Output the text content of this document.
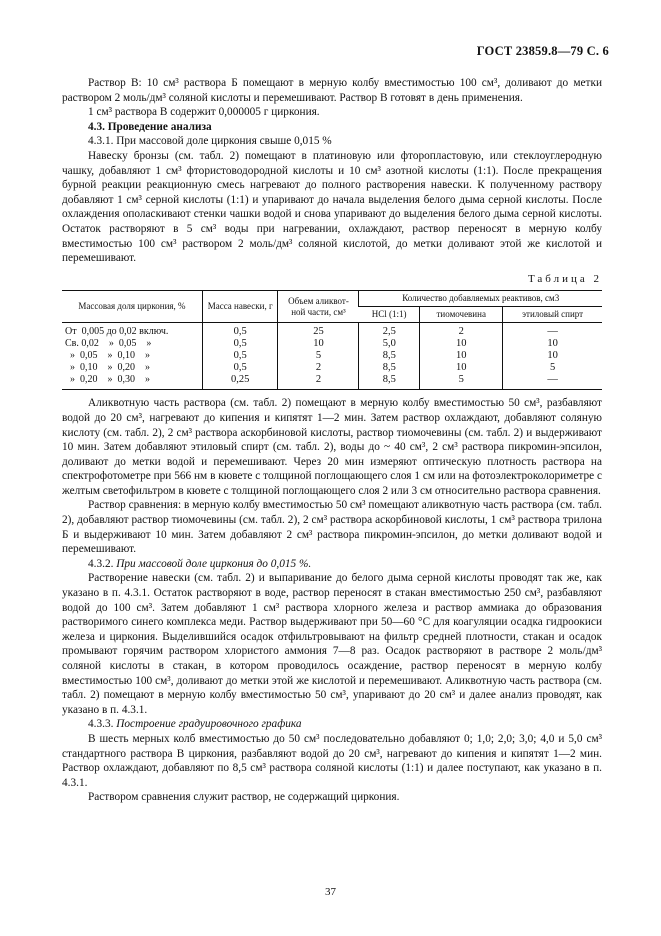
ГОСТ 23859.8—79 С. 6

Раствор В: 10 см³ раствора Б помещают в мерную колбу вместимостью 100 см³, доливают до метки раствором 2 моль/дм³ соляной кислоты и перемешивают. Раствор В готовят в день применения.

1 см³ раствора В содержит 0,000005 г циркония.

4.3. Проведение анализа

4.3.1. При массовой доле циркония свыше 0,015 %

Навеску бронзы (см. табл. 2) помещают в платиновую или фторопластовую, или стеклоуглеродную чашку, добавляют 1 см³ фтористоводородной кислоты и 10 см³ азотной кислоты (1:1). После прекращения бурной реакции реакционную смесь нагревают до полного растворения навески. К полученному раствору добавляют 1 см³ серной кислоты (1:1) и упаривают до начала выделения белого дыма серной кислоты. После охлаждения ополаскивают стенки чашки водой и снова упаривают до выделения белого дыма серной кислоты. Остаток растворяют в 5 см³ воды при нагревании, охлаждают, раствор переносят в мерную колбу вместимостью 100 см³ раствором 2 моль/дм³ соляной кислотой, до метки доливают этой же кислотой и перемешивают.

Таблица 2
Массовая доля циркония, %	Масса навески, г	Объем аликвот-ной части, см³	Количество добавляемых реактивов, см3		
			HCl (1:1)	тиомочевина	этиловый спирт
От  0,005 до 0,02 включ.	0,5	25	2,5	2	—
Св. 0,02    »  0,05    »	0,5	10	5,0	10	10
»  0,05    »  0,10    »	0,5	5	8,5	10	10
»  0,10    »  0,20    »	0,5	2	8,5	10	5
»  0,20    »  0,30    »	0,25	2	8,5	5	—

Аликвотную часть раствора (см. табл. 2) помещают в мерную колбу вместимостью 50 см³, разбавляют водой до 20 см³, нагревают до кипения и кипятят 1—2 мин. Затем раствор охлаждают, добавляют соляную кислоту (см. табл. 2), 2 см³ раствора аскорбиновой кислоты, раствор тиомочевины (см. табл. 2) и выдерживают 10 мин. Затем добавляют этиловый спирт (см. табл. 2), воды до ~ 40 см³, 2 см³ раствора пикромин-эпсилон, доливают до метки водой и перемешивают. Через 20 мин измеряют оптическую плотность раствора на спектрофотометре при 566 нм в кювете с толщиной поглощающего слоя 1 см или на фотоэлектроколориметре с желтым светофильтром в кювете с толщиной поглощающего слоя 2 или 3 см относительно раствора сравнения.

Раствор сравнения: в мерную колбу вместимостью 50 см³ помещают аликвотную часть раствора (см. табл. 2), добавляют раствор тиомочевины (см. табл. 2), 2 см³ раствора аскорбиновой кислоты, 1 см³ раствора трилона Б и выдерживают 10 мин. Затем добавляют 2 см³ раствора пикромин-эпсилон, до метки доливают водой и перемешивают.

4.3.2. При массовой доле циркония до 0,015 %.

Растворение навески (см. табл. 2) и выпаривание до белого дыма серной кислоты проводят так же, как указано в п. 4.3.1. Остаток растворяют в воде, раствор переносят в стакан вместимостью 250 см³, разбавляют водой до 100 см³. Затем добавляют 1 см³ раствора хлорного железа и раствор аммиака до образования растворимого синего комплекса меди. Раствор выдерживают при 50—60 °С для коагуляции осадка гидроокиси железа и циркония. Выделившийся осадок отфильтровывают на фильтр средней плотности, стакан и осадок промывают горячим раствором хлористого аммония 7—8 раз. Осадок растворяют в растворе 2 моль/дм³ соляной кислоты в стакан, в котором проводилось осаждение, раствор переносят в мерную колбу вместимостью 100 см³, доливают до метки этой же кислотой и перемешивают. Аликвотную часть раствора (см. табл. 2) помещают в мерную колбу вместимостью 50 см³, упаривают до 20 см³ и далее анализ проводят, как указано в п. 4.3.1.

4.3.3. Построение градуировочного графика

В шесть мерных колб вместимостью до 50 см³ последовательно добавляют 0; 1,0; 2,0; 3,0; 4,0 и 5,0 см³ стандартного раствора В циркония, разбавляют водой до 20 см³, нагревают до кипения и кипятят 1—2 мин. Раствор охлаждают, добавляют по 8,5 см³ раствора соляной кислоты (1:1) и далее поступают, как указано в п. 4.3.1.

Раствором сравнения служит раствор, не содержащий циркония.

37
